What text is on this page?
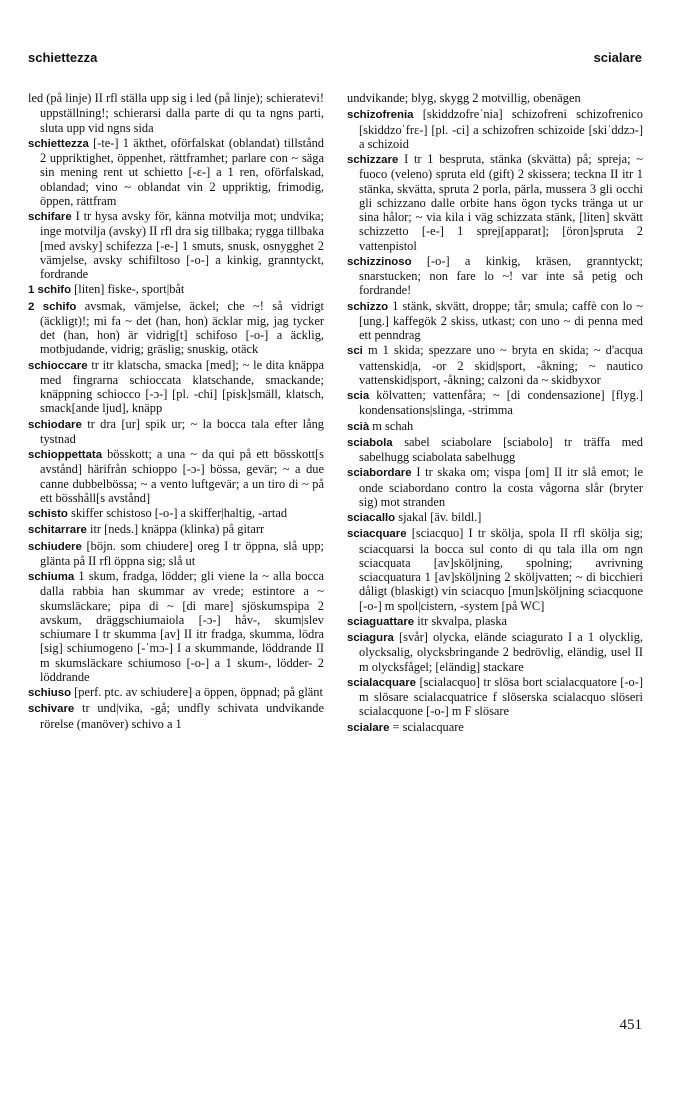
schiettezza	scialare

led (på linje) II rfl ställa upp sig i led (på linje); schieratevi! uppställning!; schierarsi dalla parte di qu ta ngns parti, sluta upp vid ngns sida

schiettezza [-te-] 1 äkthet, oförfalskat (oblandat) tillstånd 2 uppriktighet, öppenhet, rättframhet; parlare con ~ säga sin mening rent ut schietto [-ɛ-] a 1 ren, oförfalskad, oblandad; vino ~ oblandat vin 2 uppriktig, frimodig, öppen, rättfram

schifare I tr hysa avsky för, känna motvilja mot; undvika; inge motvilja (avsky) II rfl dra sig tillbaka; rygga tillbaka [med avsky] schifezza [-e-] 1 smuts, snusk, osnygghet 2 vämjelse, avsky schifiltoso [-o-] a kinkig, granntyckt, fordrande

1 schifo [liten] fiske-, sport|båt

2 schifo avsmak, vämjelse, äckel; che ~! så vidrigt (äckligt)!; mi fa ~ det (han, hon) äcklar mig, jag tycker det (han, hon) är vidrig[t] schifoso [-o-] a äcklig, motbjudande, vidrig; gräslig; snuskig, otäck

schioccare tr itr klatscha, smacka [med]; ~ le dita knäppa med fingrarna schioccata klatschande, smackande; knäppning schiocco [-ɔ-] [pl. -chi] [pisk]smäll, klatsch, smack[ande ljud], knäpp

schiodare tr dra [ur] spik ur; ~ la bocca tala efter lång tystnad

schioppettata bösskott; a una ~ da qui på ett bösskott[s avstånd] härifrån schioppo [-ɔ-] bössa, gevär; ~ a due canne dubbelbössa; ~ a vento luftgevär; a un tiro di ~ på ett bösshåll[s avstånd]

schisto skiffer schistoso [-o-] a skiffer|haltig, -artad

schitarrare itr [neds.] knäppa (klinka) på gitarr

schiudere [böjn. som chiudere] oreg I tr öppna, slå upp; glänta på II rfl öppna sig; slå ut

schiuma 1 skum, fradga, lödder; gli viene la ~ alla bocca dalla rabbia han skummar av vrede; estintore a ~ skumsläckare; pipa di ~ [di mare] sjöskumspipa 2 avskum, dräggschiumaiola [-ɔ-] håv-, skum|slev schiumare I tr skumma [av] II itr fradga, skumma, lödra [sig] schiumogeno [-ˈmɔ-] I a skummande, löddrande II m skumsläckare schiumoso [-o-] a 1 skum-, lödder- 2 löddrande

schiuso [perf. ptc. av schiudere] a öppen, öppnad; på glänt

schivare tr und|vika, -gå; undfly schivata undvikande rörelse (manöver) schivo a 1

undvikande; blyg, skygg 2 motvillig, obenägen

schizofrenia [skiddzofreˈnia] schizofreni schizofrenico [skiddzoˈfrɛ-] [pl. -ci] a schizofren schizoide [skiˈddzɔ-] a schizoid

schizzare I tr 1 bespruta, stänka (skvätta) på; spreja; ~ fuoco (veleno) spruta eld (gift) 2 skissera; teckna II itr 1 stänka, skvätta, spruta 2 porla, pärla, mussera 3 gli occhi gli schizzano dalle orbite hans ögon tycks tränga ut ur sina hålor; ~ via kila i väg schizzata stänk, [liten] skvätt schizzetto [-e-] 1 sprej[apparat]; [öron]spruta 2 vattenpistol

schizzinoso [-o-] a kinkig, kräsen, granntyckt; snarstucken; non fare lo ~! var inte så petig och fordrande!

schizzo 1 stänk, skvätt, droppe; tår; smula; caffè con lo ~ [ung.] kaffegök 2 skiss, utkast; con uno ~ di penna med ett penndrag

sci m 1 skida; spezzare uno ~ bryta en skida; ~ d'acqua vattenskid|a, -or 2 skid|sport, -åkning; ~ nautico vattenskid|sport, -åkning; calzoni da ~ skidbyxor

scia kölvatten; vattenfåra; ~ [di condensazione] [flyg.] kondensations|slinga, -strimma

scià m schah

sciabola sabel sciabolare [sciabolo] tr träffa med sabelhugg sciabolata sabelhugg

sciabordare I tr skaka om; vispa [om] II itr slå emot; le onde sciabordano contro la costa vågorna slår (bryter sig) mot stranden

sciacallo sjakal [äv. bildl.]

sciacquare [sciacquo] I tr skölja, spola II rfl skölja sig; sciacquarsi la bocca sul conto di qu tala illa om ngn sciacquata [av]sköljning, spolning; avrivning sciacquatura 1 [av]sköljning 2 sköljvatten; ~ di bicchieri dåligt (blaskigt) vin sciacquo [mun]sköljning sciacquone [-o-] m spol|cistern, -system [på WC]

sciaguattare itr skvalpa, plaska

sciagura [svår] olycka, elände sciagurato I a 1 olycklig, olycksalig, olycksbringande 2 bedrövlig, eländig, usel II m olycksfågel; [eländig] stackare

scialacquare [scialacquo] tr slösa bort scialacquatore [-o-] m slösare scialacquatrice f slöserska scialacquo slöseri scialacquone [-o-] m F slösare

scialare = scialacquare

451
